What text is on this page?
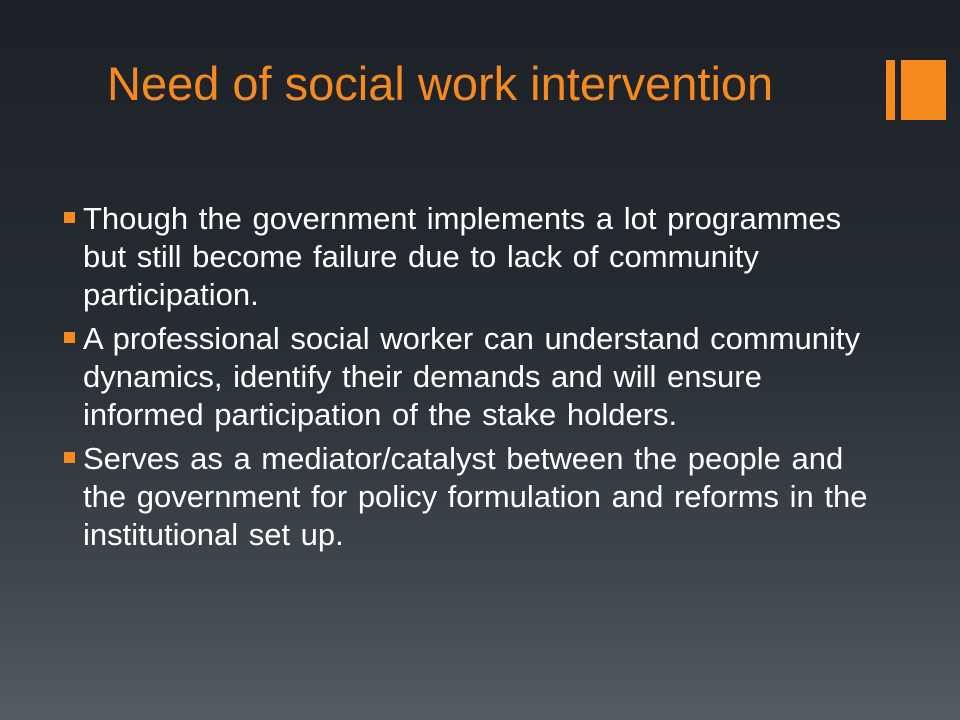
Need of social work intervention
Though the government implements a lot programmes but still become failure due to lack of community participation.
A professional social worker can understand community dynamics, identify their demands and will ensure informed participation of the stake holders.
Serves as a mediator/catalyst between the people and the government for policy formulation and reforms in the institutional set up.
